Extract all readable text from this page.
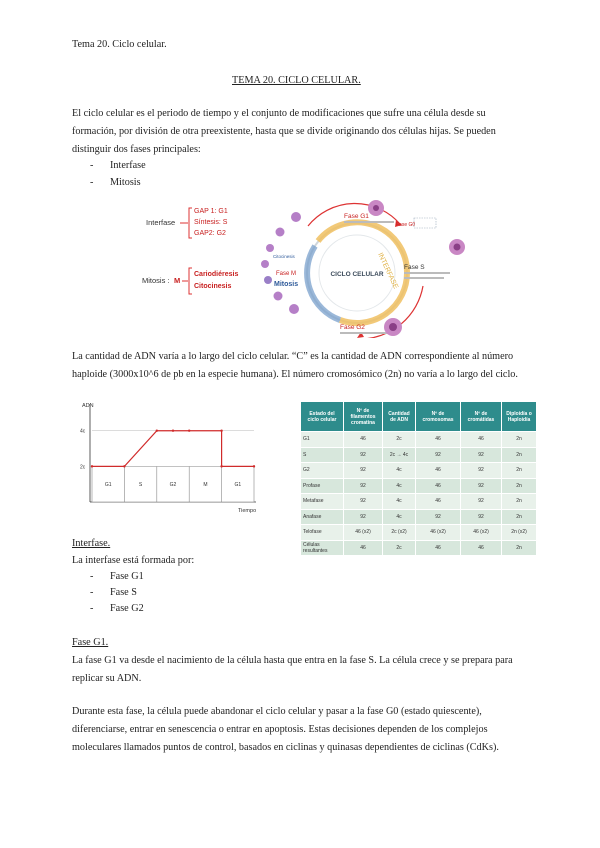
Tema 20. Ciclo celular.
TEMA 20. CICLO CELULAR.
El ciclo celular es el periodo de tiempo y el conjunto de modificaciones que sufre una célula desde su
formación, por división de otra preexistente, hasta que se divide originando dos células hijas. Se pueden
distinguir dos fases principales:
- Interfase
- Mitosis
Interfase
GAP 1: G1
Síntesis: S
GAP2: G2
Mitosis : M
Cariodiéresis
Citocinesis
CICLO CELULAR
INTERFASE
Fase G1
Fase G0
Fase S
Fase G2
Fase M
Mitosis
Citocinesis
La cantidad de ADN varía a lo largo del ciclo celular. “C” es la cantidad de ADN correspondiente al número
haploide (3000x10^6 de pb en la especie humana). El número cromosómico (2n) no varía a lo largo del ciclo.
ADN
4c
2c
Tiempo
G1	S	G2	M	G1
Estado del ciclo celular	Nº de filamentos cromatina	Cantidad de ADN	Nº de cromosomas	Nº de cromátidas	Diploidía o Haploidía
G1	46	2c	46	46	2n
S	92	2c → 4c	92	92	2n
G2	92	4c	46	92	2n
Profase	92	4c	46	92	2n
Metafase	92	4c	46	92	2n
Anafase	92	4c	92	92	2n
Telofase	46 (x2)	2c (x2)	46 (x2)	46 (x2)	2n (x2)
Células resultantes	46	2c	46	46	2n
Interfase.
La interfase está formada por:
- Fase G1
- Fase S
- Fase G2
Fase G1.
La fase G1 va desde el nacimiento de la célula hasta que entra en la fase S. La célula crece y se prepara para
replicar su ADN.
Durante esta fase, la célula puede abandonar el ciclo celular y pasar a la fase G0 (estado quiescente),
diferenciarse, entrar en senescencia o entrar en apoptosis. Estas decisiones dependen de los complejos
moleculares llamados puntos de control, basados en ciclinas y quinasas dependientes de ciclinas (CdKs).
